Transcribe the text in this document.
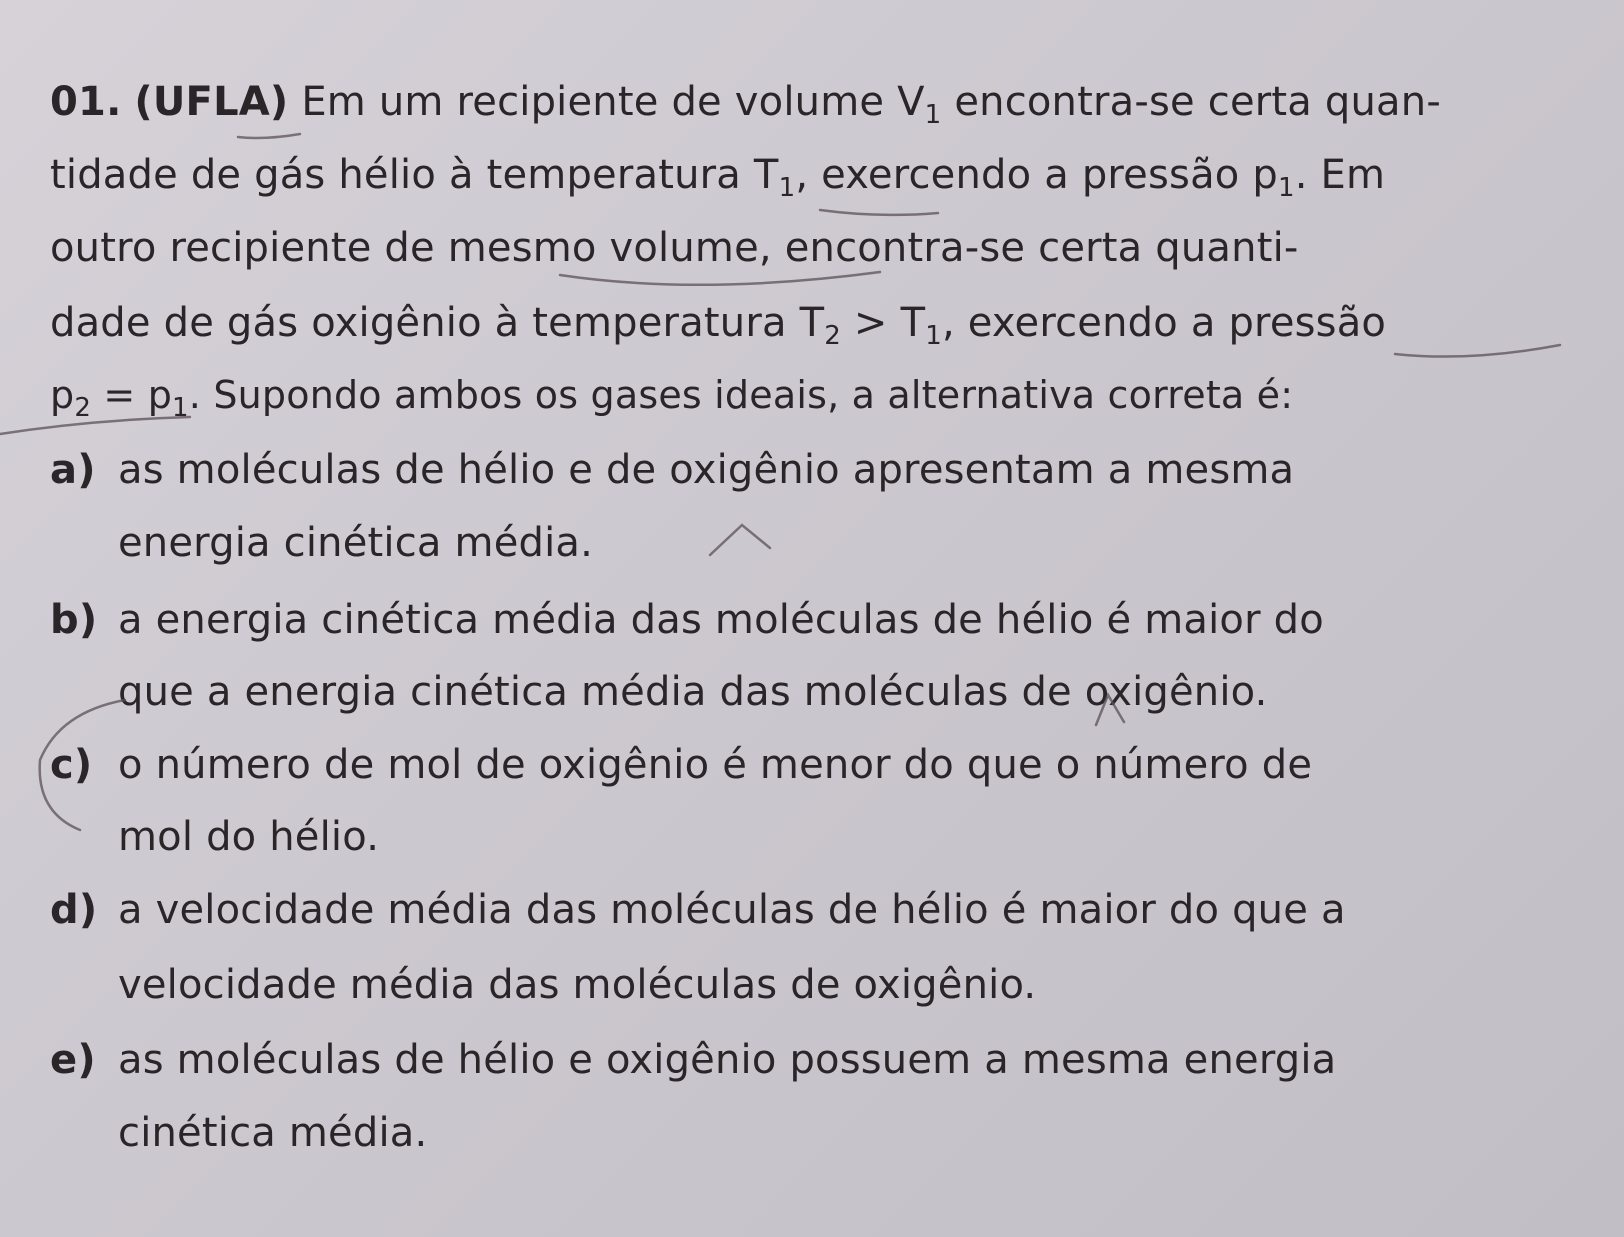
01. (UFLA) Em um recipiente de volume $V_1$ encontra-se certa quan-
tidade de gás hélio à temperatura $T_1$, exercendo a pressão $p_1$. Em
outro recipiente de mesmo volume, encontra-se certa quanti-
dade de gás oxigênio à temperatura $T_2 > T_1$, exercendo a pressão
$p_2 = p_1$. Supondo ambos os gases ideais, a alternativa correta é:
a) as moléculas de hélio e de oxigênio apresentam a mesma
energia cinética média.
b) a energia cinética média das moléculas de hélio é maior do
que a energia cinética média das moléculas de oxigênio.
c) o número de mol de oxigênio é menor do que o número de
mol do hélio.
d) a velocidade média das moléculas de hélio é maior do que a
velocidade média das moléculas de oxigênio.
e) as moléculas de hélio e oxigênio possuem a mesma energia
cinética média.
